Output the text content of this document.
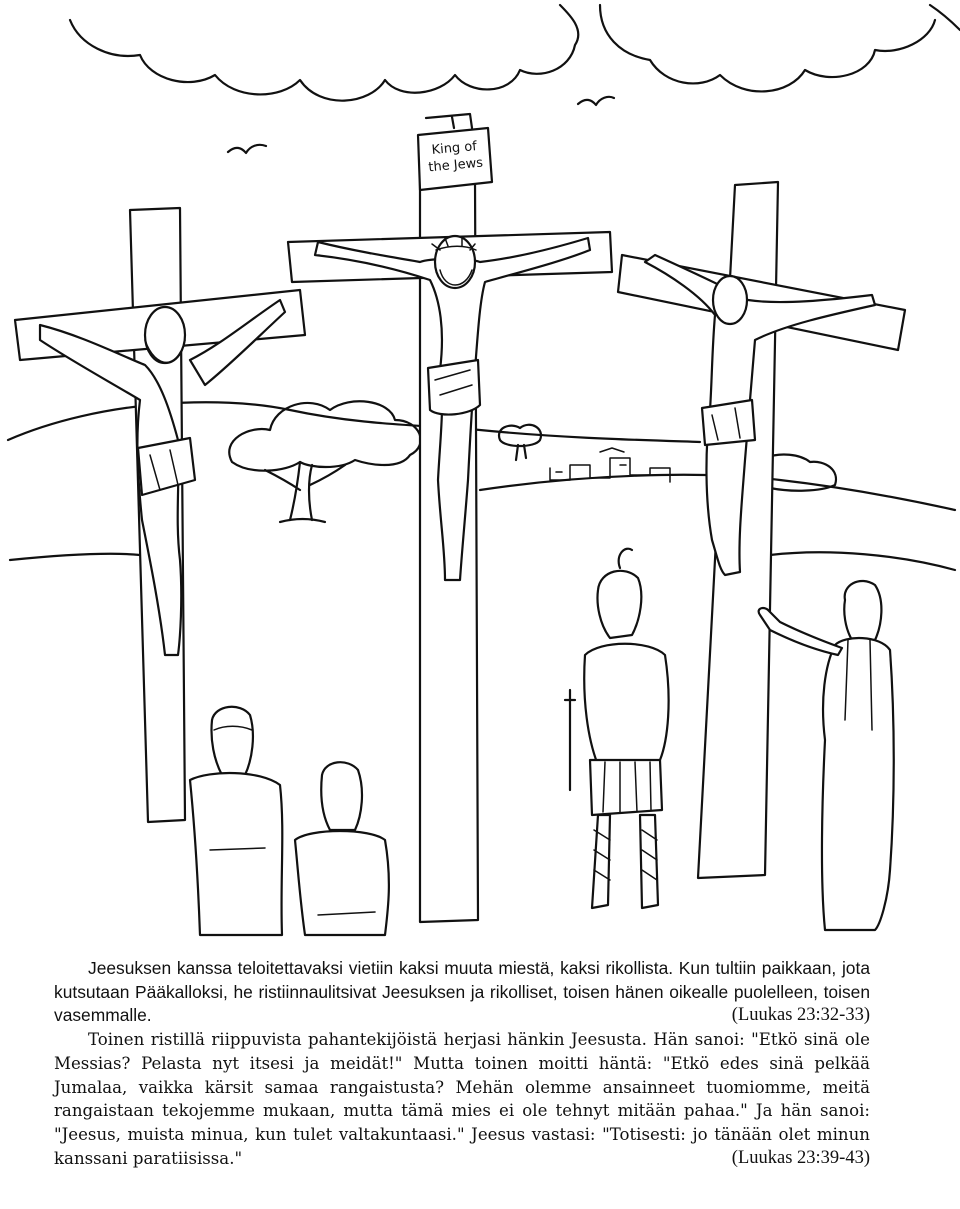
King of
the Jews

Jeesuksen kanssa teloitettavaksi vietiin kaksi muuta miestä, kaksi rikollista. Kun tultiin paikkaan, jota kutsutaan Pääkalloksi, he ristiinnaulitsivat Jeesuksen ja rikolliset, toisen hänen oikealle puolelleen, toisen vasemmalle.	(Luukas 23:32-33)

Toinen ristillä riippuvista pahantekijöistä herjasi hänkin Jeesusta. Hän sanoi: "Etkö sinä ole Messias? Pelasta nyt itsesi ja meidät!" Mutta toinen moitti häntä: "Etkö edes sinä pelkää Jumalaa, vaikka kärsit samaa rangaistusta? Mehän olemme ansainneet tuomiomme, meitä rangaistaan tekojemme mukaan, mutta tämä mies ei ole tehnyt mitään pahaa." Ja hän sanoi: "Jeesus, muista minua, kun tulet valtakuntaasi." Jeesus vastasi: "Totisesti: jo tänään olet minun kanssani paratiisissa."	(Luukas 23:39-43)
